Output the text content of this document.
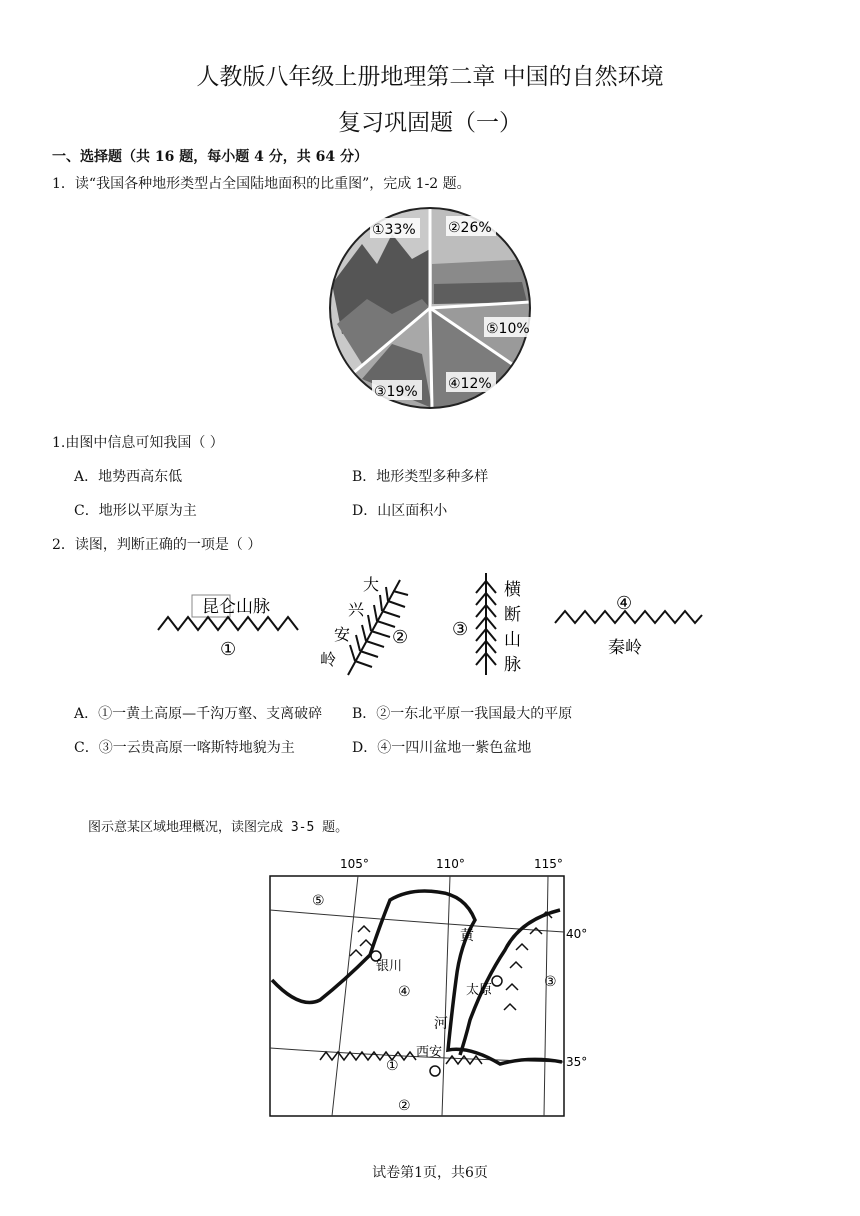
人教版八年级上册地理第二章 中国的自然环境
复习巩固题（一）
一、选择题（共 16 题，每小题 4 分，共 64 分）
1．读“我国各种地形类型占全国陆地面积的比重图”，完成 1-2 题。
①33% ②26%
⑤10%
④12%
③19%
1.由图中信息可知我国（ ）
A．地势西高东低	B．地形类型多种多样
C．地形以平原为主	D．山区面积小
2．读图，判断正确的一项是（ ）
昆仑山脉
①
大
兴
安
岭
② ③
横
断
山
脉
④
秦岭
A．①一黄土高原—千沟万壑、支离破碎 B．②一东北平原一我国最大的平原
C．③一云贵高原一喀斯特地貌为主	D．④一四川盆地一紫色盆地
图示意某区域地理概况，读图完成 3-5 题。
105°	110°	115°
40°
35°
银川
太原
西安
黄
河
①
②
③
④
⑤
试卷第1页，共6页
